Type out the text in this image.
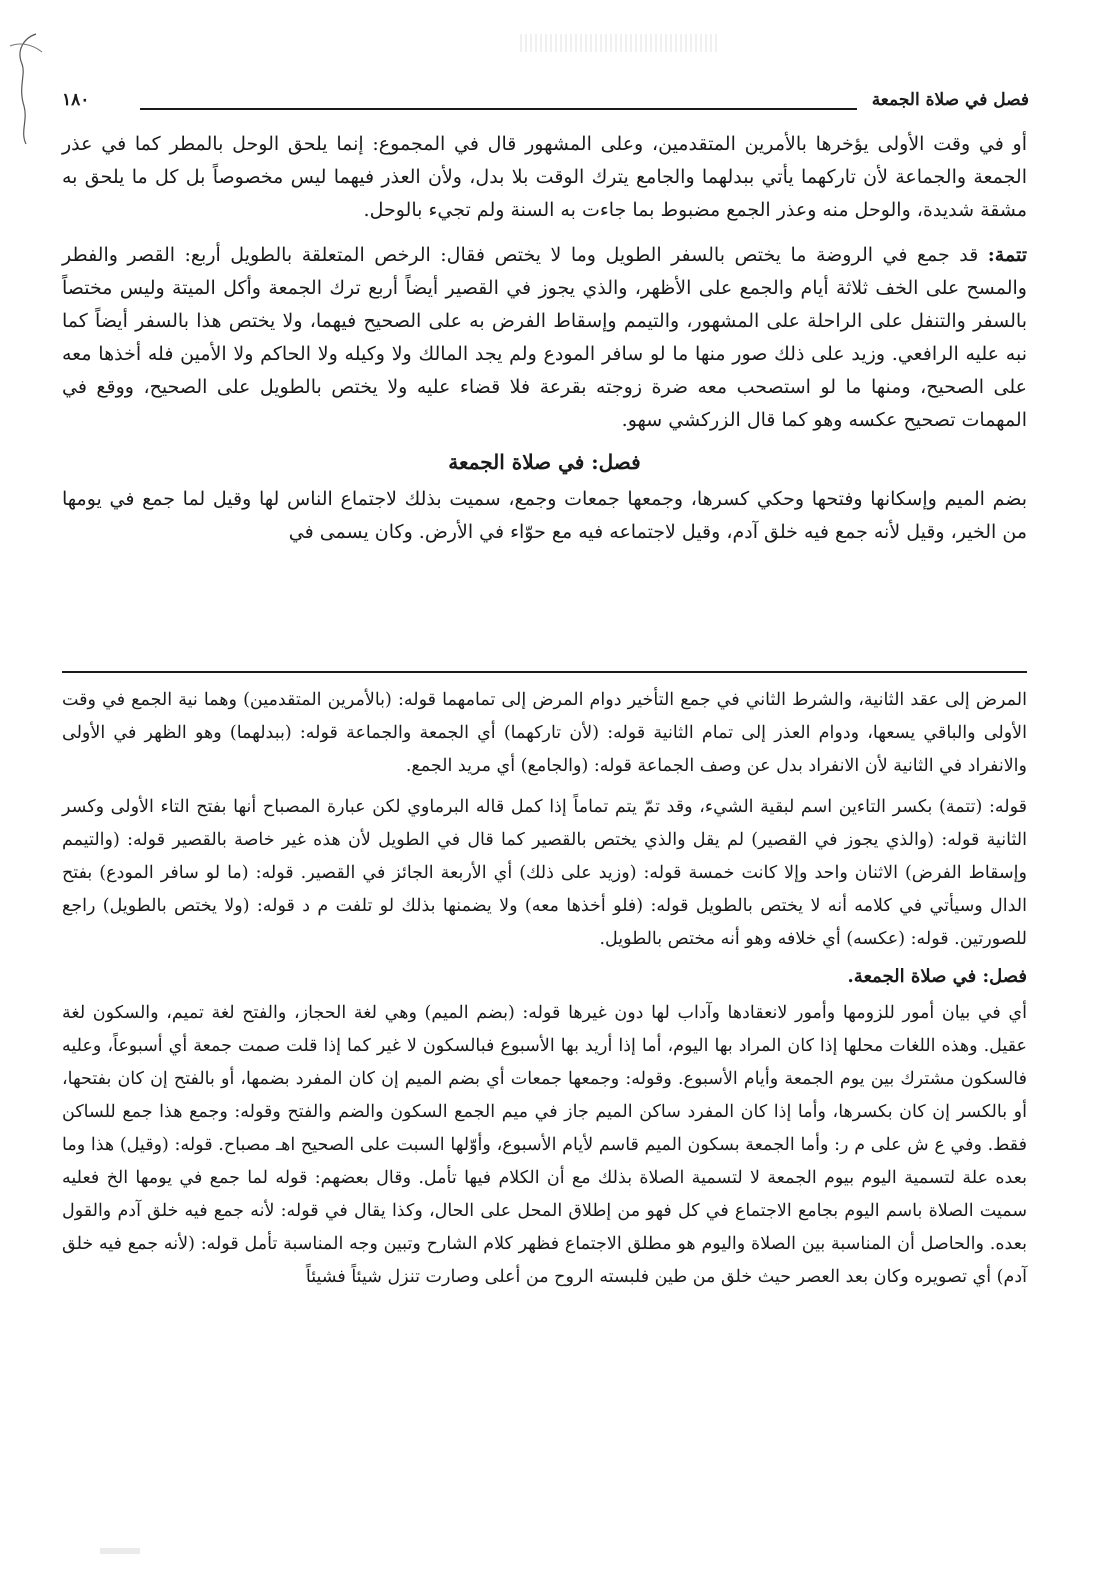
فصل في صلاة الجمعة
١٨٠

أو في وقت الأولى يؤخرها بالأمرين المتقدمين، وعلى المشهور قال في المجموع: إنما يلحق الوحل بالمطر كما في عذر الجمعة والجماعة لأن تاركهما يأتي ببدلهما والجامع يترك الوقت بلا بدل، ولأن العذر فيهما ليس مخصوصاً بل كل ما يلحق به مشقة شديدة، والوحل منه وعذر الجمع مضبوط بما جاءت به السنة ولم تجيء بالوحل.

تتمة: قد جمع في الروضة ما يختص بالسفر الطويل وما لا يختص فقال: الرخص المتعلقة بالطويل أربع: القصر والفطر والمسح على الخف ثلاثة أيام والجمع على الأظهر، والذي يجوز في القصير أيضاً أربع ترك الجمعة وأكل الميتة وليس مختصاً بالسفر والتنفل على الراحلة على المشهور، والتيمم وإسقاط الفرض به على الصحيح فيهما، ولا يختص هذا بالسفر أيضاً كما نبه عليه الرافعي. وزيد على ذلك صور منها ما لو سافر المودع ولم يجد المالك ولا وكيله ولا الحاكم ولا الأمين فله أخذها معه على الصحيح، ومنها ما لو استصحب معه ضرة زوجته بقرعة فلا قضاء عليه ولا يختص بالطويل على الصحيح، ووقع في المهمات تصحيح عكسه وهو كما قال الزركشي سهو.

فصل: في صلاة الجمعة

بضم الميم وإسكانها وفتحها وحكي كسرها، وجمعها جمعات وجمع، سميت بذلك لاجتماع الناس لها وقيل لما جمع في يومها من الخير، وقيل لأنه جمع فيه خلق آدم، وقيل لاجتماعه فيه مع حوّاء في الأرض. وكان يسمى في

المرض إلى عقد الثانية، والشرط الثاني في جمع التأخير دوام المرض إلى تمامهما قوله: (بالأمرين المتقدمين) وهما نية الجمع في وقت الأولى والباقي يسعها، ودوام العذر إلى تمام الثانية قوله: (لأن تاركهما) أي الجمعة والجماعة قوله: (ببدلهما) وهو الظهر في الأولى والانفراد في الثانية لأن الانفراد بدل عن وصف الجماعة قوله: (والجامع) أي مريد الجمع.

قوله: (تتمة) بكسر التاءين اسم لبقية الشيء، وقد تمّ يتم تماماً إذا كمل قاله البرماوي لكن عبارة المصباح أنها بفتح التاء الأولى وكسر الثانية قوله: (والذي يجوز في القصير) لم يقل والذي يختص بالقصير كما قال في الطويل لأن هذه غير خاصة بالقصير قوله: (والتيمم وإسقاط الفرض) الاثنان واحد وإلا كانت خمسة قوله: (وزيد على ذلك) أي الأربعة الجائز في القصير. قوله: (ما لو سافر المودع) بفتح الدال وسيأتي في كلامه أنه لا يختص بالطويل قوله: (فلو أخذها معه) ولا يضمنها بذلك لو تلفت م د قوله: (ولا يختص بالطويل) راجع للصورتين. قوله: (عكسه) أي خلافه وهو أنه مختص بالطويل.

فصل: في صلاة الجمعة.

أي في بيان أمور للزومها وأمور لانعقادها وآداب لها دون غيرها قوله: (بضم الميم) وهي لغة الحجاز، والفتح لغة تميم، والسكون لغة عقيل. وهذه اللغات محلها إذا كان المراد بها اليوم، أما إذا أريد بها الأسبوع فبالسكون لا غير كما إذا قلت صمت جمعة أي أسبوعاً، وعليه فالسكون مشترك بين يوم الجمعة وأيام الأسبوع. وقوله: وجمعها جمعات أي بضم الميم إن كان المفرد بضمها، أو بالفتح إن كان بفتحها، أو بالكسر إن كان بكسرها، وأما إذا كان المفرد ساكن الميم جاز في ميم الجمع السكون والضم والفتح وقوله: وجمع هذا جمع للساكن فقط. وفي ع ش على م ر: وأما الجمعة بسكون الميم قاسم لأيام الأسبوع، وأوّلها السبت على الصحيح اهـ مصباح. قوله: (وقيل) هذا وما بعده علة لتسمية اليوم بيوم الجمعة لا لتسمية الصلاة بذلك مع أن الكلام فيها تأمل. وقال بعضهم: قوله لما جمع في يومها الخ فعليه سميت الصلاة باسم اليوم بجامع الاجتماع في كل فهو من إطلاق المحل على الحال، وكذا يقال في قوله: لأنه جمع فيه خلق آدم والقول بعده. والحاصل أن المناسبة بين الصلاة واليوم هو مطلق الاجتماع فظهر كلام الشارح وتبين وجه المناسبة تأمل قوله: (لأنه جمع فيه خلق آدم) أي تصويره وكان بعد العصر حيث خلق من طين فلبسته الروح من أعلى وصارت تنزل شيئاً فشيئاً
